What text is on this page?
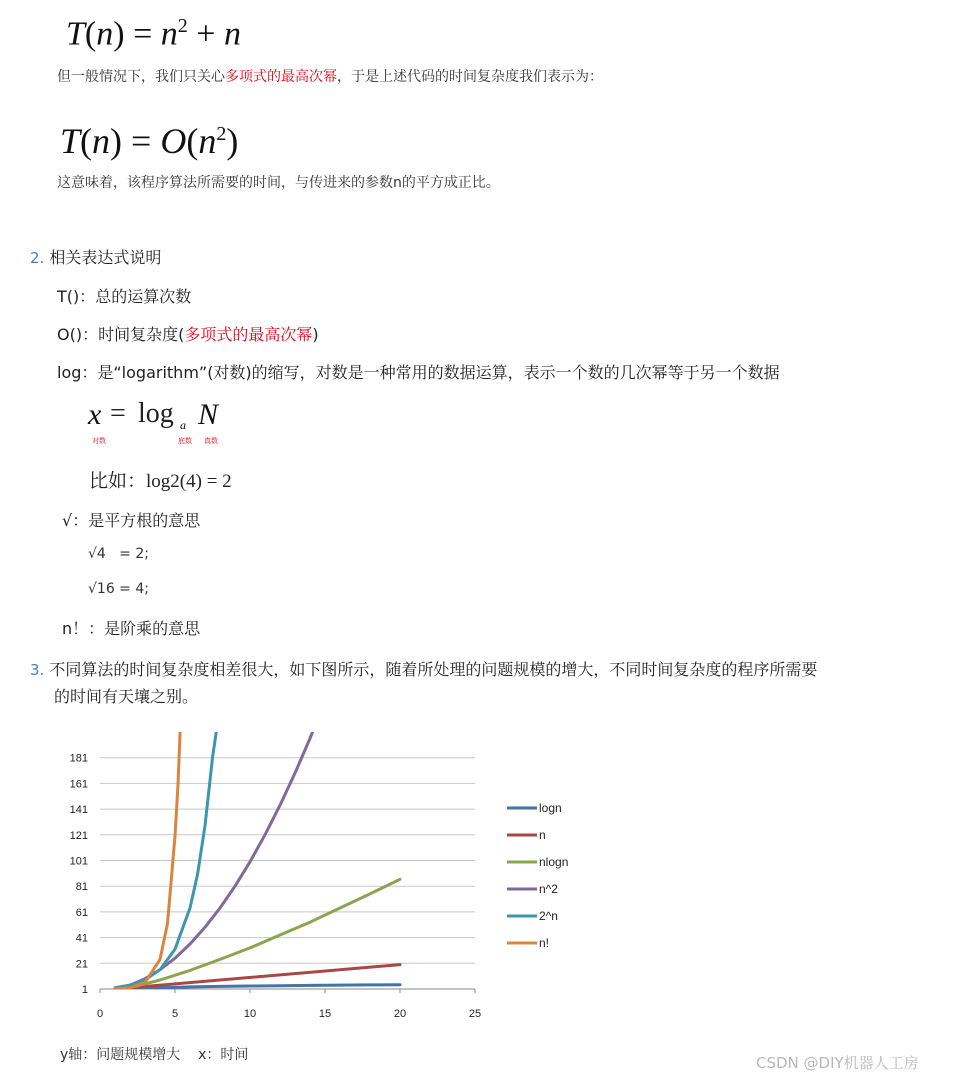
$T(n) = n^2 + n$
但一般情况下，我们只关心多项式的最高次幂，于是上述代码的时间复杂度我们表示为：
$T(n) = O(n^2)$
这意味着，该程序算法所需要的时间，与传进来的参数n的平方成正比。
2. 相关表达式说明
T()：总的运算次数
O()：时间复杂度(多项式的最高次幂)
log：是“logarithm”(对数)的缩写，对数是一种常用的数据运算，表示一个数的几次幂等于另一个数据
x = log a N
对数	底数 真数
比如：log2(4) = 2
√：是平方根的意思
√4   = 2;
√16 = 4;
n！：是阶乘的意思
3. 不同算法的时间复杂度相差很大，如下图所示，随着所处理的问题规模的增大，不同时间复杂度的程序所需要
的时间有天壤之别。
1
21
41
61
81
101
121
141
161
181
0	5	10	15	20	25
logn
n
nlogn
n^2
2^n
n!
y轴：问题规模增大    x：时间	CSDN @DIY机器人工房
